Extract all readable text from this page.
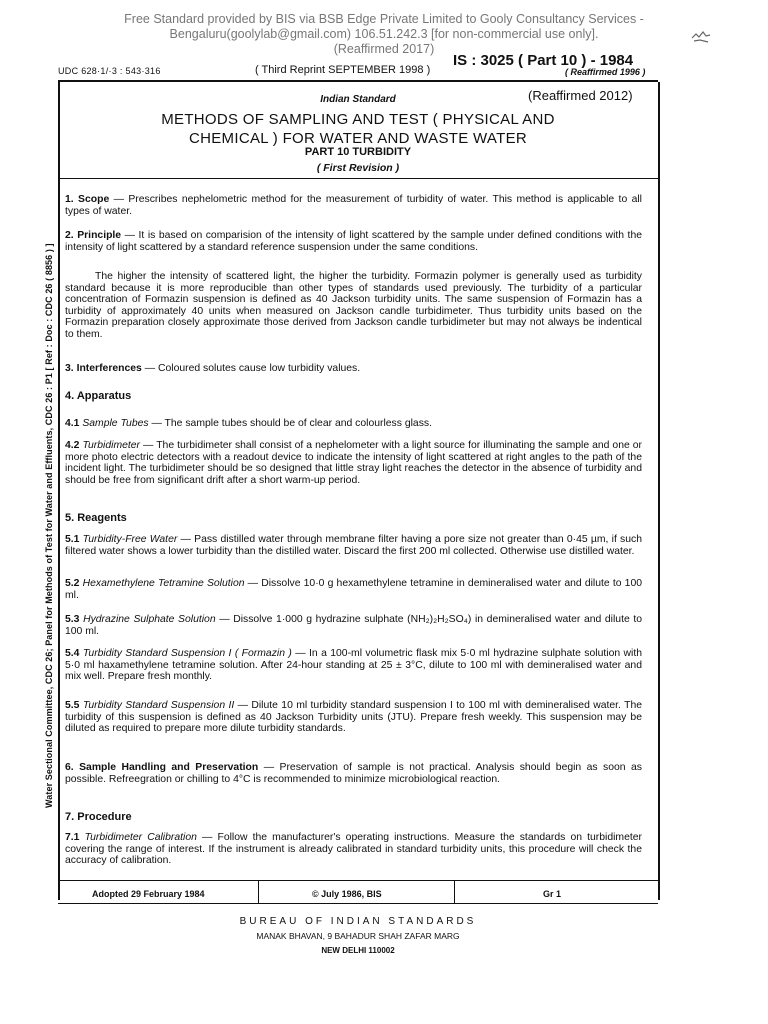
Free Standard provided by BIS via BSB Edge Private Limited to Gooly Consultancy Services -
Bengaluru(goolylab@gmail.com) 106.51.242.3 [for non-commercial use only].
(Reaffirmed 2017)
UDC 628·1/·3 : 543·316	( Third Reprint SEPTEMBER 1998 )
IS : 3025 ( Part 10 ) - 1984
( Reaffirmed 1996 )
Water Sectional Committee, CDC 26; Panel for Methods of Test for Water and Effluents, CDC 26 : P1 [ Ref : Doc : CDC 26 ( 8856 ) ]
Indian Standard	(Reaffirmed 2012)
METHODS OF SAMPLING AND TEST ( PHYSICAL AND
CHEMICAL ) FOR WATER AND WASTE WATER
PART 10 TURBIDITY
( First Revision )
1. Scope — Prescribes nephelometric method for the measurement of turbidity of water. This method is applicable to all types of water.
2. Principle — It is based on comparision of the intensity of light scattered by the sample under defined conditions with the intensity of light scattered by a standard reference suspension under the same conditions.
The higher the intensity of scattered light, the higher the turbidity. Formazin polymer is generally used as turbidity standard because it is more reproducible than other types of standards used previously. The turbidity of a particular concentration of Formazin suspension is defined as 40 Jackson turbidity units. The same suspension of Formazin has a turbidity of approximately 40 units when measured on Jackson candle turbidimeter. Thus turbidity units based on the Formazin preparation closely approximate those derived from Jackson candle turbidimeter but may not always be indentical to them.
3. Interferences — Coloured solutes cause low turbidity values.
4. Apparatus
4.1 Sample Tubes — The sample tubes should be of clear and colourless glass.
4.2 Turbidimeter — The turbidimeter shall consist of a nephelometer with a light source for illuminating the sample and one or more photo electric detectors with a readout device to indicate the intensity of light scattered at right angles to the path of the incident light. The turbidimeter should be so designed that little stray light reaches the detector in the absence of turbidity and should be free from significant drift after a short warm-up period.
5. Reagents
5.1 Turbidity-Free Water — Pass distilled water through membrane filter having a pore size not greater than 0·45 µm, if such filtered water shows a lower turbidity than the distilled water. Discard the first 200 ml collected. Otherwise use distilled water.
5.2 Hexamethylene Tetramine Solution — Dissolve 10·0 g hexamethylene tetramine in demineralised water and dilute to 100 ml.
5.3 Hydrazine Sulphate Solution — Dissolve 1·000 g hydrazine sulphate (NH₂)₂H₂SO₄) in demineralised water and dilute to 100 ml.
5.4 Turbidity Standard Suspension I ( Formazin ) — In a 100-ml volumetric flask mix 5·0 ml hydrazine sulphate solution with 5·0 ml haxamethylene tetramine solution. After 24-hour standing at 25 ± 3°C, dilute to 100 ml with demineralised water and mix well. Prepare fresh monthly.
5.5 Turbidity Standard Suspension II — Dilute 10 ml turbidity standard suspension I to 100 ml with demineralised water. The turbidity of this suspension is defined as 40 Jackson Turbidity units (JTU). Prepare fresh weekly. This suspension may be diluted as required to prepare more dilute turbidity standards.
6. Sample Handling and Preservation — Preservation of sample is not practical. Analysis should begin as soon as possible. Refreegration or chilling to 4°C is recommended to minimize microbiological reaction.
7. Procedure
7.1 Turbidimeter Calibration — Follow the manufacturer's operating instructions. Measure the standards on turbidimeter covering the range of interest. If the instrument is already calibrated in standard turbidity units, this procedure will check the accuracy of calibration.
Adopted 29 February 1984	© July 1986, BIS	Gr 1
BUREAU OF INDIAN STANDARDS
MANAK BHAVAN, 9 BAHADUR SHAH ZAFAR MARG
NEW DELHI 110002
